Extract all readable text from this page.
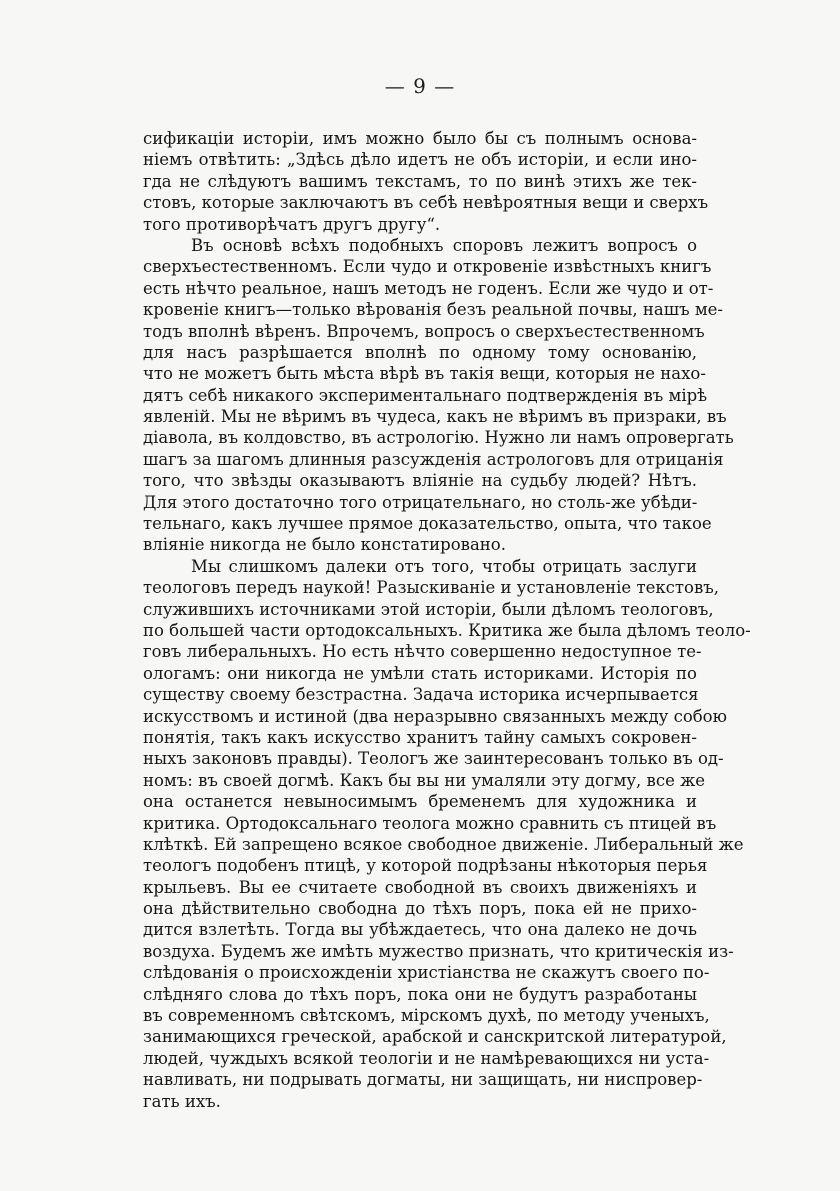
— 9 —
сификацiи исторiи, имъ можно было бы съ полнымъ основа-
нiемъ отвѣтить: „Здѣсь дѣло идетъ не объ исторiи, и если ино-
гда не слѣдуютъ вашимъ текстамъ, то по винѣ этихъ же тек-
стовъ, которые заключаютъ въ себѣ невѣроятныя вещи и сверхъ
того противорѣчатъ другъ другу“.
Въ основѣ всѣхъ подобныхъ споровъ лежитъ вопросъ о
сверхъестественномъ. Если чудо и откровенiе извѣстныхъ книгъ
есть нѣчто реальное, нашъ методъ не годенъ. Если же чудо и от-
кровенiе книгъ—только вѣрованiя безъ реальной почвы, нашъ ме-
тодъ вполнѣ вѣренъ. Впрочемъ, вопросъ о сверхъестественномъ
для насъ разрѣшается вполнѣ по одному тому основанiю,
что не можетъ быть мѣста вѣрѣ въ такiя вещи, которыя не нахо-
дятъ себѣ никакого экспериментальнаго подтвержденiя въ мiрѣ
явленiй. Мы не вѣримъ въ чудеса, какъ не вѣримъ въ призраки, въ
дiавола, въ колдовство, въ астрологiю. Нужно ли намъ опровергать
шагъ за шагомъ длинныя разсужденiя астрологовъ для отрицанiя
того, что звѣзды оказываютъ влiянiе на судьбу людей? Нѣтъ.
Для этого достаточно того отрицательнаго, но столь-же убѣди-
тельнаго, какъ лучшее прямое доказательство, опыта, что такое
влiянiе никогда не было констатировано.
Мы слишкомъ далеки отъ того, чтобы отрицать заслуги
теологовъ передъ наукой! Разыскиванiе и установленiе текстовъ,
служившихъ источниками этой исторiи, были дѣломъ теологовъ,
по большей части ортодоксальныхъ. Критика же была дѣломъ теоло-
говъ либеральныхъ. Но есть нѣчто совершенно недоступное те-
ологамъ: они никогда не умѣли стать историками. Исторiя по
существу своему безстрастна. Задача историка исчерпывается
искусствомъ и истиной (два неразрывно связанныхъ между собою
понятiя, такъ какъ искусство хранитъ тайну самыхъ сокровен-
ныхъ законовъ правды). Теологъ же заинтересованъ только въ од-
номъ: въ своей догмѣ. Какъ бы вы ни умаляли эту догму, все же
она останется невыносимымъ бременемъ для художника и
критика. Ортодоксальнаго теолога можно сравнить съ птицей въ
клѣткѣ. Ей запрещено всякое свободное движенiе. Либеральный же
теологъ подобенъ птицѣ, у которой подрѣзаны нѣкоторыя перья
крыльевъ. Вы ее считаете свободной въ своихъ движенiяхъ и
она дѣйствительно свободна до тѣхъ поръ, пока ей не прихо-
дится взлетѣть. Тогда вы убѣждаетесь, что она далеко не дочь
воздуха. Будемъ же имѣть мужество признать, что критическiя из-
слѣдованiя о происхожденiи христiанства не скажутъ своего по-
слѣдняго слова до тѣхъ поръ, пока они не будутъ разработаны
въ современномъ свѣтскомъ, мiрскомъ духѣ, по методу ученыхъ,
занимающихся греческой, арабской и санскритской литературой,
людей, чуждыхъ всякой теологiи и не намѣревающихся ни уста-
навливать, ни подрывать догматы, ни защищать, ни ниспровер-
гать ихъ.
